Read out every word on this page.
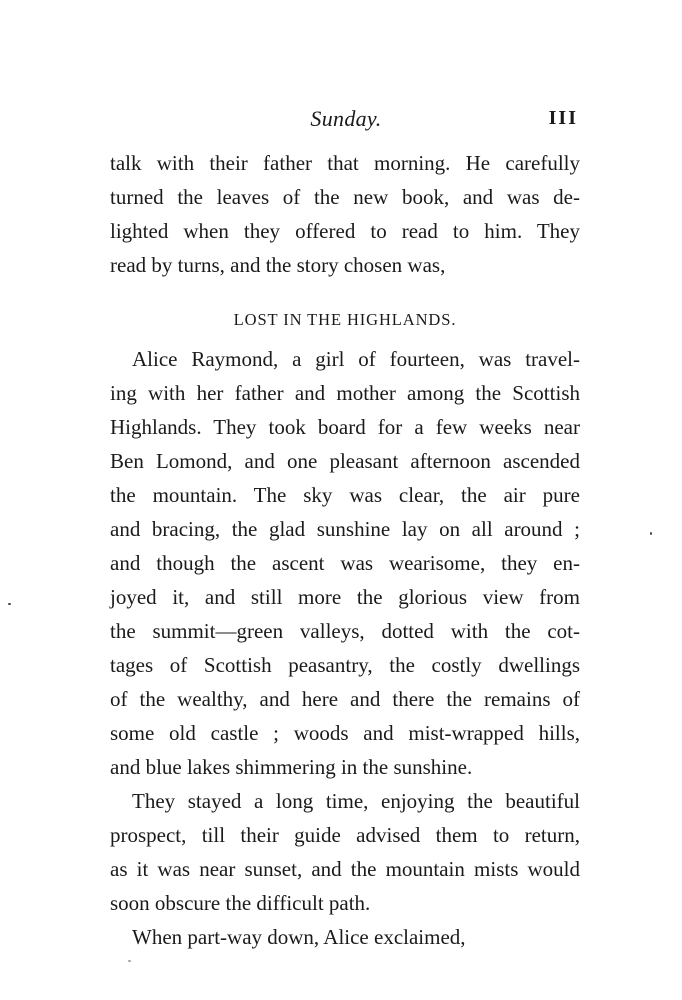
Sunday.	III
talk with their father that morning. He carefully
turned the leaves of the new book, and was de-
lighted when they offered to read to him. They
read by turns, and the story chosen was,
LOST IN THE HIGHLANDS.
Alice Raymond, a girl of fourteen, was travel-
ing with her father and mother among the Scottish
Highlands. They took board for a few weeks near
Ben Lomond, and one pleasant afternoon ascended
the mountain. The sky was clear, the air pure
and bracing, the glad sunshine lay on all around ;
and though the ascent was wearisome, they en-
joyed it, and still more the glorious view from
the summit—green valleys, dotted with the cot-
tages of Scottish peasantry, the costly dwellings
of the wealthy, and here and there the remains of
some old castle ; woods and mist-wrapped hills,
and blue lakes shimmering in the sunshine.
They stayed a long time, enjoying the beautiful
prospect, till their guide advised them to return,
as it was near sunset, and the mountain mists would
soon obscure the difficult path.
When part-way down, Alice exclaimed,
